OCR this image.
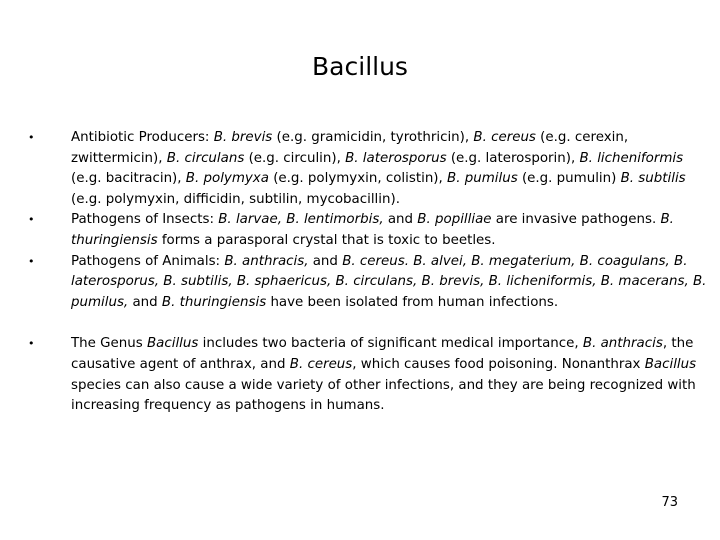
Bacillus
•	Antibiotic Producers: B. brevis (e.g. gramicidin, tyrothricin), B. cereus (e.g. cerexin, zwittermicin), B. circulans (e.g. circulin), B. laterosporus (e.g. laterosporin), B. licheniformis (e.g. bacitracin), B. polymyxa (e.g. polymyxin, colistin), B. pumilus (e.g. pumulin) B. subtilis (e.g. polymyxin, difficidin, subtilin, mycobacillin).
•	Pathogens of Insects: B. larvae, B. lentimorbis, and B. popilliae are invasive pathogens. B. thuringiensis forms a parasporal crystal that is toxic to beetles.
•	Pathogens of Animals: B. anthracis, and B. cereus. B. alvei, B. megaterium, B. coagulans, B. laterosporus, B. subtilis, B. sphaericus, B. circulans, B. brevis, B. licheniformis, B. macerans, B. pumilus, and B. thuringiensis have been isolated from human infections.
•	The Genus Bacillus includes two bacteria of significant medical importance, B. anthracis, the causative agent of anthrax, and B. cereus, which causes food poisoning. Nonanthrax Bacillus species can also cause a wide variety of other infections, and they are being recognized with increasing frequency as pathogens in humans.
73
